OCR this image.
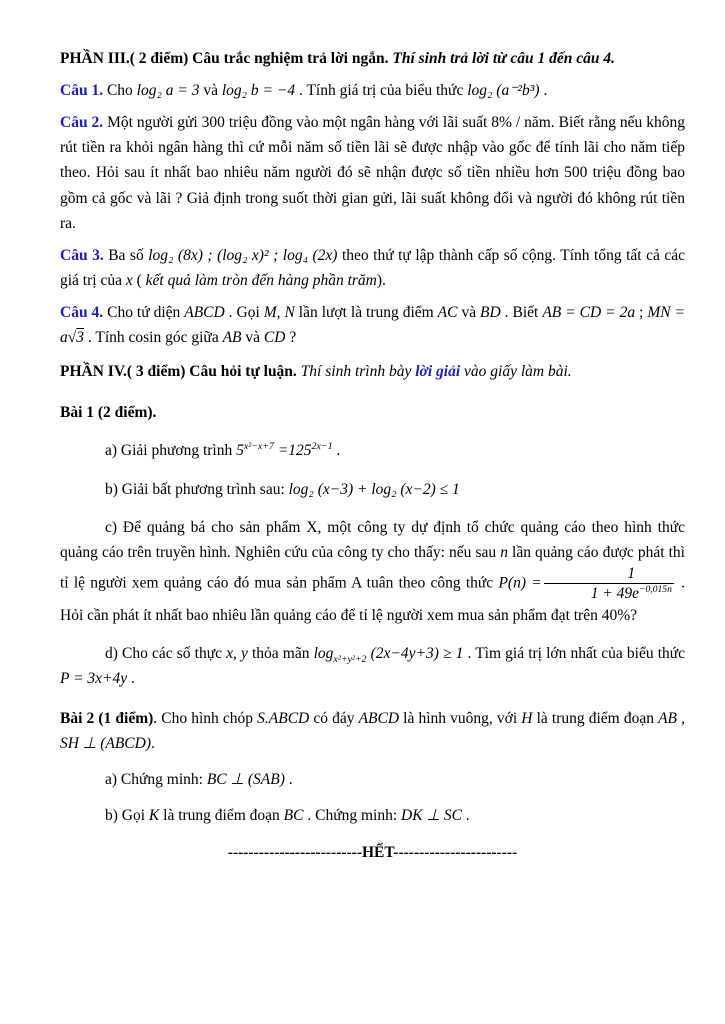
PHẦN III.( 2 điểm) Câu trắc nghiệm trả lời ngắn. Thí sinh trả lời từ câu 1 đến câu 4.

Câu 1. Cho log₂ a = 3 và log₂ b = −4 . Tính giá trị của biểu thức log₂ (a⁻²b³) .

Câu 2. Một người gửi 300 triệu đồng vào một ngân hàng với lãi suất 8% / năm. Biết rằng nếu không rút tiền ra khỏi ngân hàng thì cứ mỗi năm số tiền lãi sẽ được nhập vào gốc để tính lãi cho năm tiếp theo. Hỏi sau ít nhất bao nhiêu năm người đó sẽ nhận được số tiền nhiều hơn 500 triệu đồng bao gồm cả gốc và lãi ? Giả định trong suốt thời gian gửi, lãi suất không đổi và người đó không rút tiền ra.

Câu 3. Ba số log₂ (8x) ; (log₂ x)² ; log₄ (2x) theo thứ tự lập thành cấp số cộng. Tính tổng tất cả các giá trị của x ( kết quả làm tròn đến hàng phần trăm).

Câu 4. Cho tứ diện ABCD . Gọi M, N lần lượt là trung điểm AC và BD . Biết AB = CD = 2a ; MN = a√3 . Tính cosin góc giữa AB và CD ?

PHẦN IV.( 3 điểm) Câu hỏi tự luận. Thí sinh trình bày lời giải vào giấy làm bài.

Bài 1 (2 điểm).

a) Giải phương trình $5^{x^2-x+7} =125^{2x-1}$ .

b) Giải bất phương trình sau: log₂ (x−3) + log₂ (x−2) ≤ 1

c) Để quảng bá cho sản phẩm X, một công ty dự định tổ chức quảng cáo theo hình thức quảng cáo trên truyền hình. Nghiên cứu của công ty cho thấy: nếu sau n lần quảng cáo được phát thì tỉ lệ người xem quảng cáo đó mua sản phẩm A tuân theo công thức $P(n) = \frac{1}{1 + 49e^{-0,015n}}$ . Hỏi cần phát ít nhất bao nhiêu lần quảng cáo để tỉ lệ người xem mua sản phẩm đạt trên 40%?

d) Cho các số thực x, y thỏa mãn $\log_{x^2+y^2+2} (2x-4y+3) \ge 1$ . Tìm giá trị lớn nhất của biểu thức P = 3x+4y .

Bài 2 (1 điểm). Cho hình chóp S.ABCD có đáy ABCD là hình vuông, với H là trung điểm đoạn AB , SH ⊥ (ABCD).

a) Chứng minh: BC ⊥ (SAB) .

b) Gọi K là trung điểm đoạn BC . Chứng minh: DK ⊥ SC .

--------------------------HẾT------------------------
